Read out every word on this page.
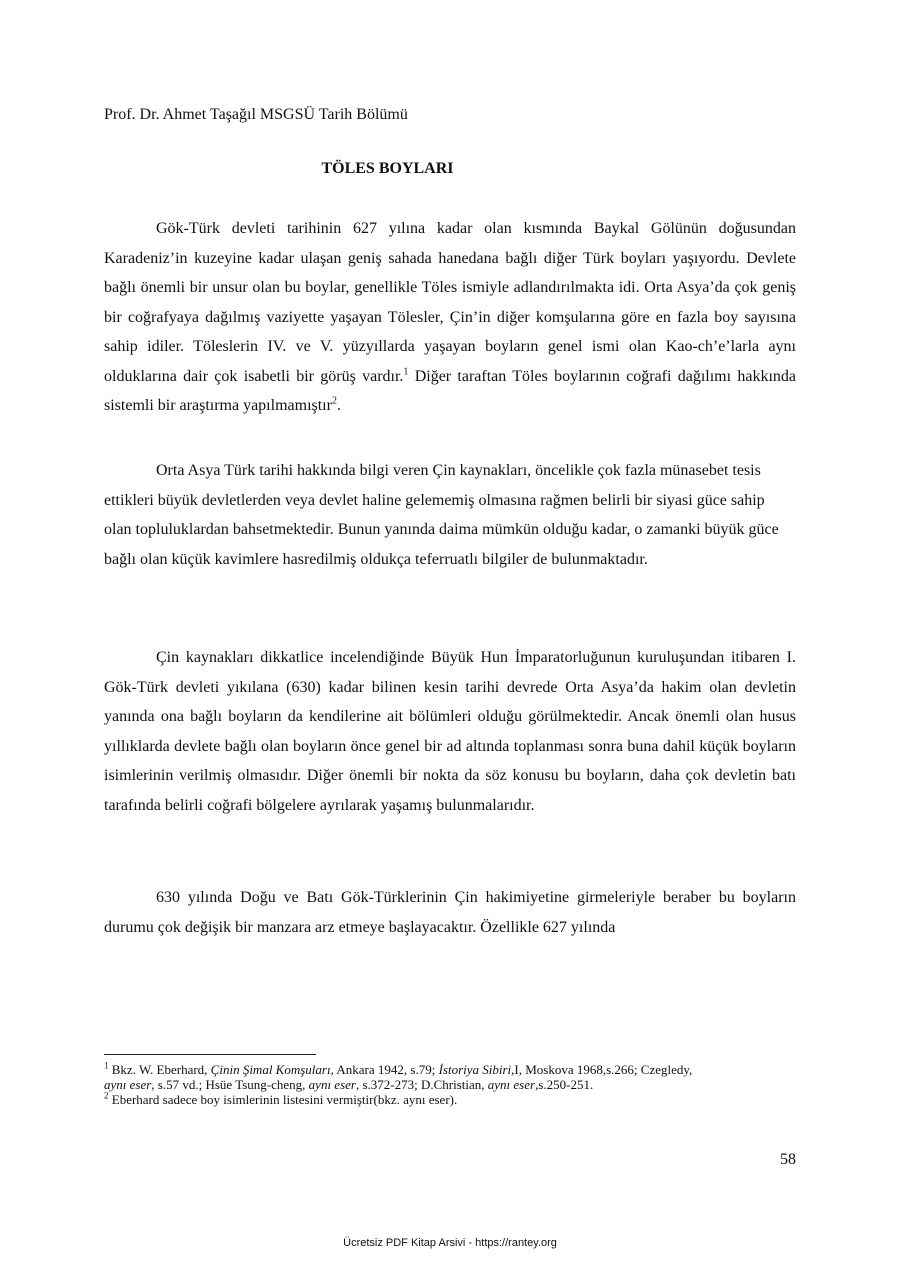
Prof. Dr. Ahmet Taşağıl MSGSÜ Tarih Bölümü
TÖLES BOYLARI

Gök-Türk devleti tarihinin 627 yılına kadar olan kısmında Baykal Gölünün doğusundan Karadeniz’in kuzeyine kadar ulaşan geniş sahada hanedana bağlı diğer Türk boyları yaşıyordu. Devlete bağlı önemli bir unsur olan bu boylar, genellikle Töles ismiyle adlandırılmakta idi. Orta Asya’da çok geniş bir coğrafyaya dağılmış vaziyette yaşayan Tölesler, Çin’in diğer komşularına göre en fazla boy sayısına sahip idiler. Töleslerin IV. ve V. yüzyıllarda yaşayan boyların genel ismi olan Kao-ch’e’larla aynı olduklarına dair çok isabetli bir görüş vardır.$^1$ Diğer taraftan Töles boylarının coğrafi dağılımı hakkında sistemli bir araştırma yapılmamıştır$^2$.

Orta Asya Türk tarihi hakkında bilgi veren Çin kaynakları, öncelikle çok fazla münasebet tesis ettikleri büyük devletlerden veya devlet haline gelememiş olmasına rağmen belirli bir siyasi güce sahip olan topluluklardan bahsetmektedir. Bunun yanında daima mümkün olduğu kadar, o zamanki büyük güce bağlı olan küçük kavimlere hasredilmiş oldukça teferruatlı bilgiler de bulunmaktadır.

Çin kaynakları dikkatlice incelendiğinde Büyük Hun İmparatorluğunun kuruluşundan itibaren I. Gök-Türk devleti yıkılana (630) kadar bilinen kesin tarihi devrede Orta Asya’da hakim olan devletin yanında ona bağlı boyların da kendilerine ait bölümleri olduğu görülmektedir. Ancak önemli olan husus yıllıklarda devlete bağlı olan boyların önce genel bir ad altında toplanması sonra buna dahil küçük boyların isimlerinin verilmiş olmasıdır. Diğer önemli bir nokta da söz konusu bu boyların, daha çok devletin batı tarafında belirli coğrafi bölgelere ayrılarak yaşamış bulunmalarıdır.

630 yılında Doğu ve Batı Gök-Türklerinin Çin hakimiyetine girmeleriyle beraber bu boyların durumu çok değişik bir manzara arz etmeye başlayacaktır. Özellikle 627 yılında

$^1$ Bkz. W. Eberhard, Çinin Şimal Komşuları, Ankara 1942, s.79; İstoriya Sibiri,I, Moskova 1968,s.266; Czegledy,
aynı eser, s.57 vd.; Hsüe Tsung-cheng, aynı eser, s.372-273; D.Christian, aynı eser,s.250-251.

$^2$ Eberhard sadece boy isimlerinin listesini vermiştir(bkz. aynı eser).

58
Ücretsiz PDF Kitap Arsivi - https://rantey.org
